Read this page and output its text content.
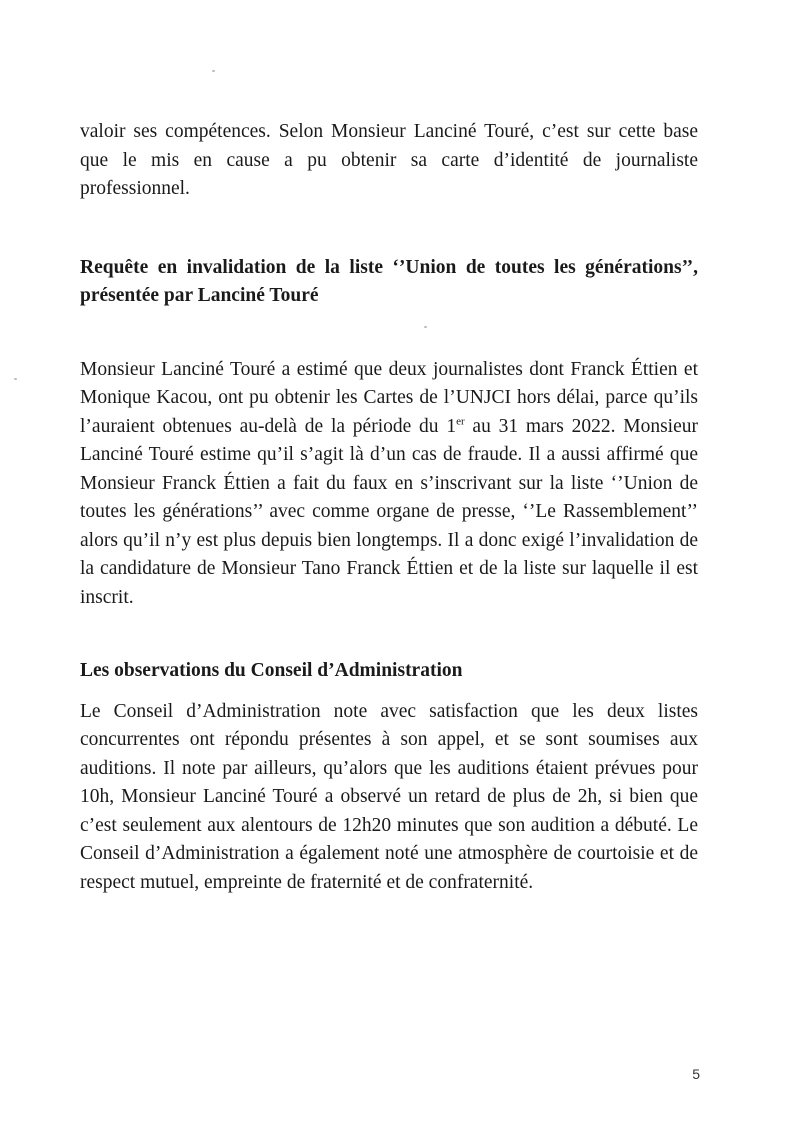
valoir ses compétences. Selon Monsieur Lanciné Touré, c’est sur cette base que le mis en cause a pu obtenir sa carte d’identité de journaliste professionnel.

Requête en invalidation de la liste ‘’Union de toutes les générations’’, présentée par Lanciné Touré

Monsieur Lanciné Touré a estimé que deux journalistes dont Franck Éttien et Monique Kacou, ont pu obtenir les Cartes de l’UNJCI hors délai, parce qu’ils l’auraient obtenues au-delà de la période du 1er au 31 mars 2022. Monsieur Lanciné Touré estime qu’il s’agit là d’un cas de fraude. Il a aussi affirmé que Monsieur Franck Éttien a fait du faux en s’inscrivant sur la liste ‘’Union de toutes les générations’’ avec comme organe de presse, ‘’Le Rassemblement’’ alors qu’il n’y est plus depuis bien longtemps. Il a donc exigé l’invalidation de la candidature de Monsieur Tano Franck Éttien et de la liste sur laquelle il est inscrit.

Les observations du Conseil d’Administration

Le Conseil d’Administration note avec satisfaction que les deux listes concurrentes ont répondu présentes à son appel, et se sont soumises aux auditions. Il note par ailleurs, qu’alors que les auditions étaient prévues pour 10h, Monsieur Lanciné Touré a observé un retard de plus de 2h, si bien que c’est seulement aux alentours de 12h20 minutes que son audition a débuté. Le Conseil d’Administration a également noté une atmosphère de courtoisie et de respect mutuel, empreinte de fraternité et de confraternité.

5
